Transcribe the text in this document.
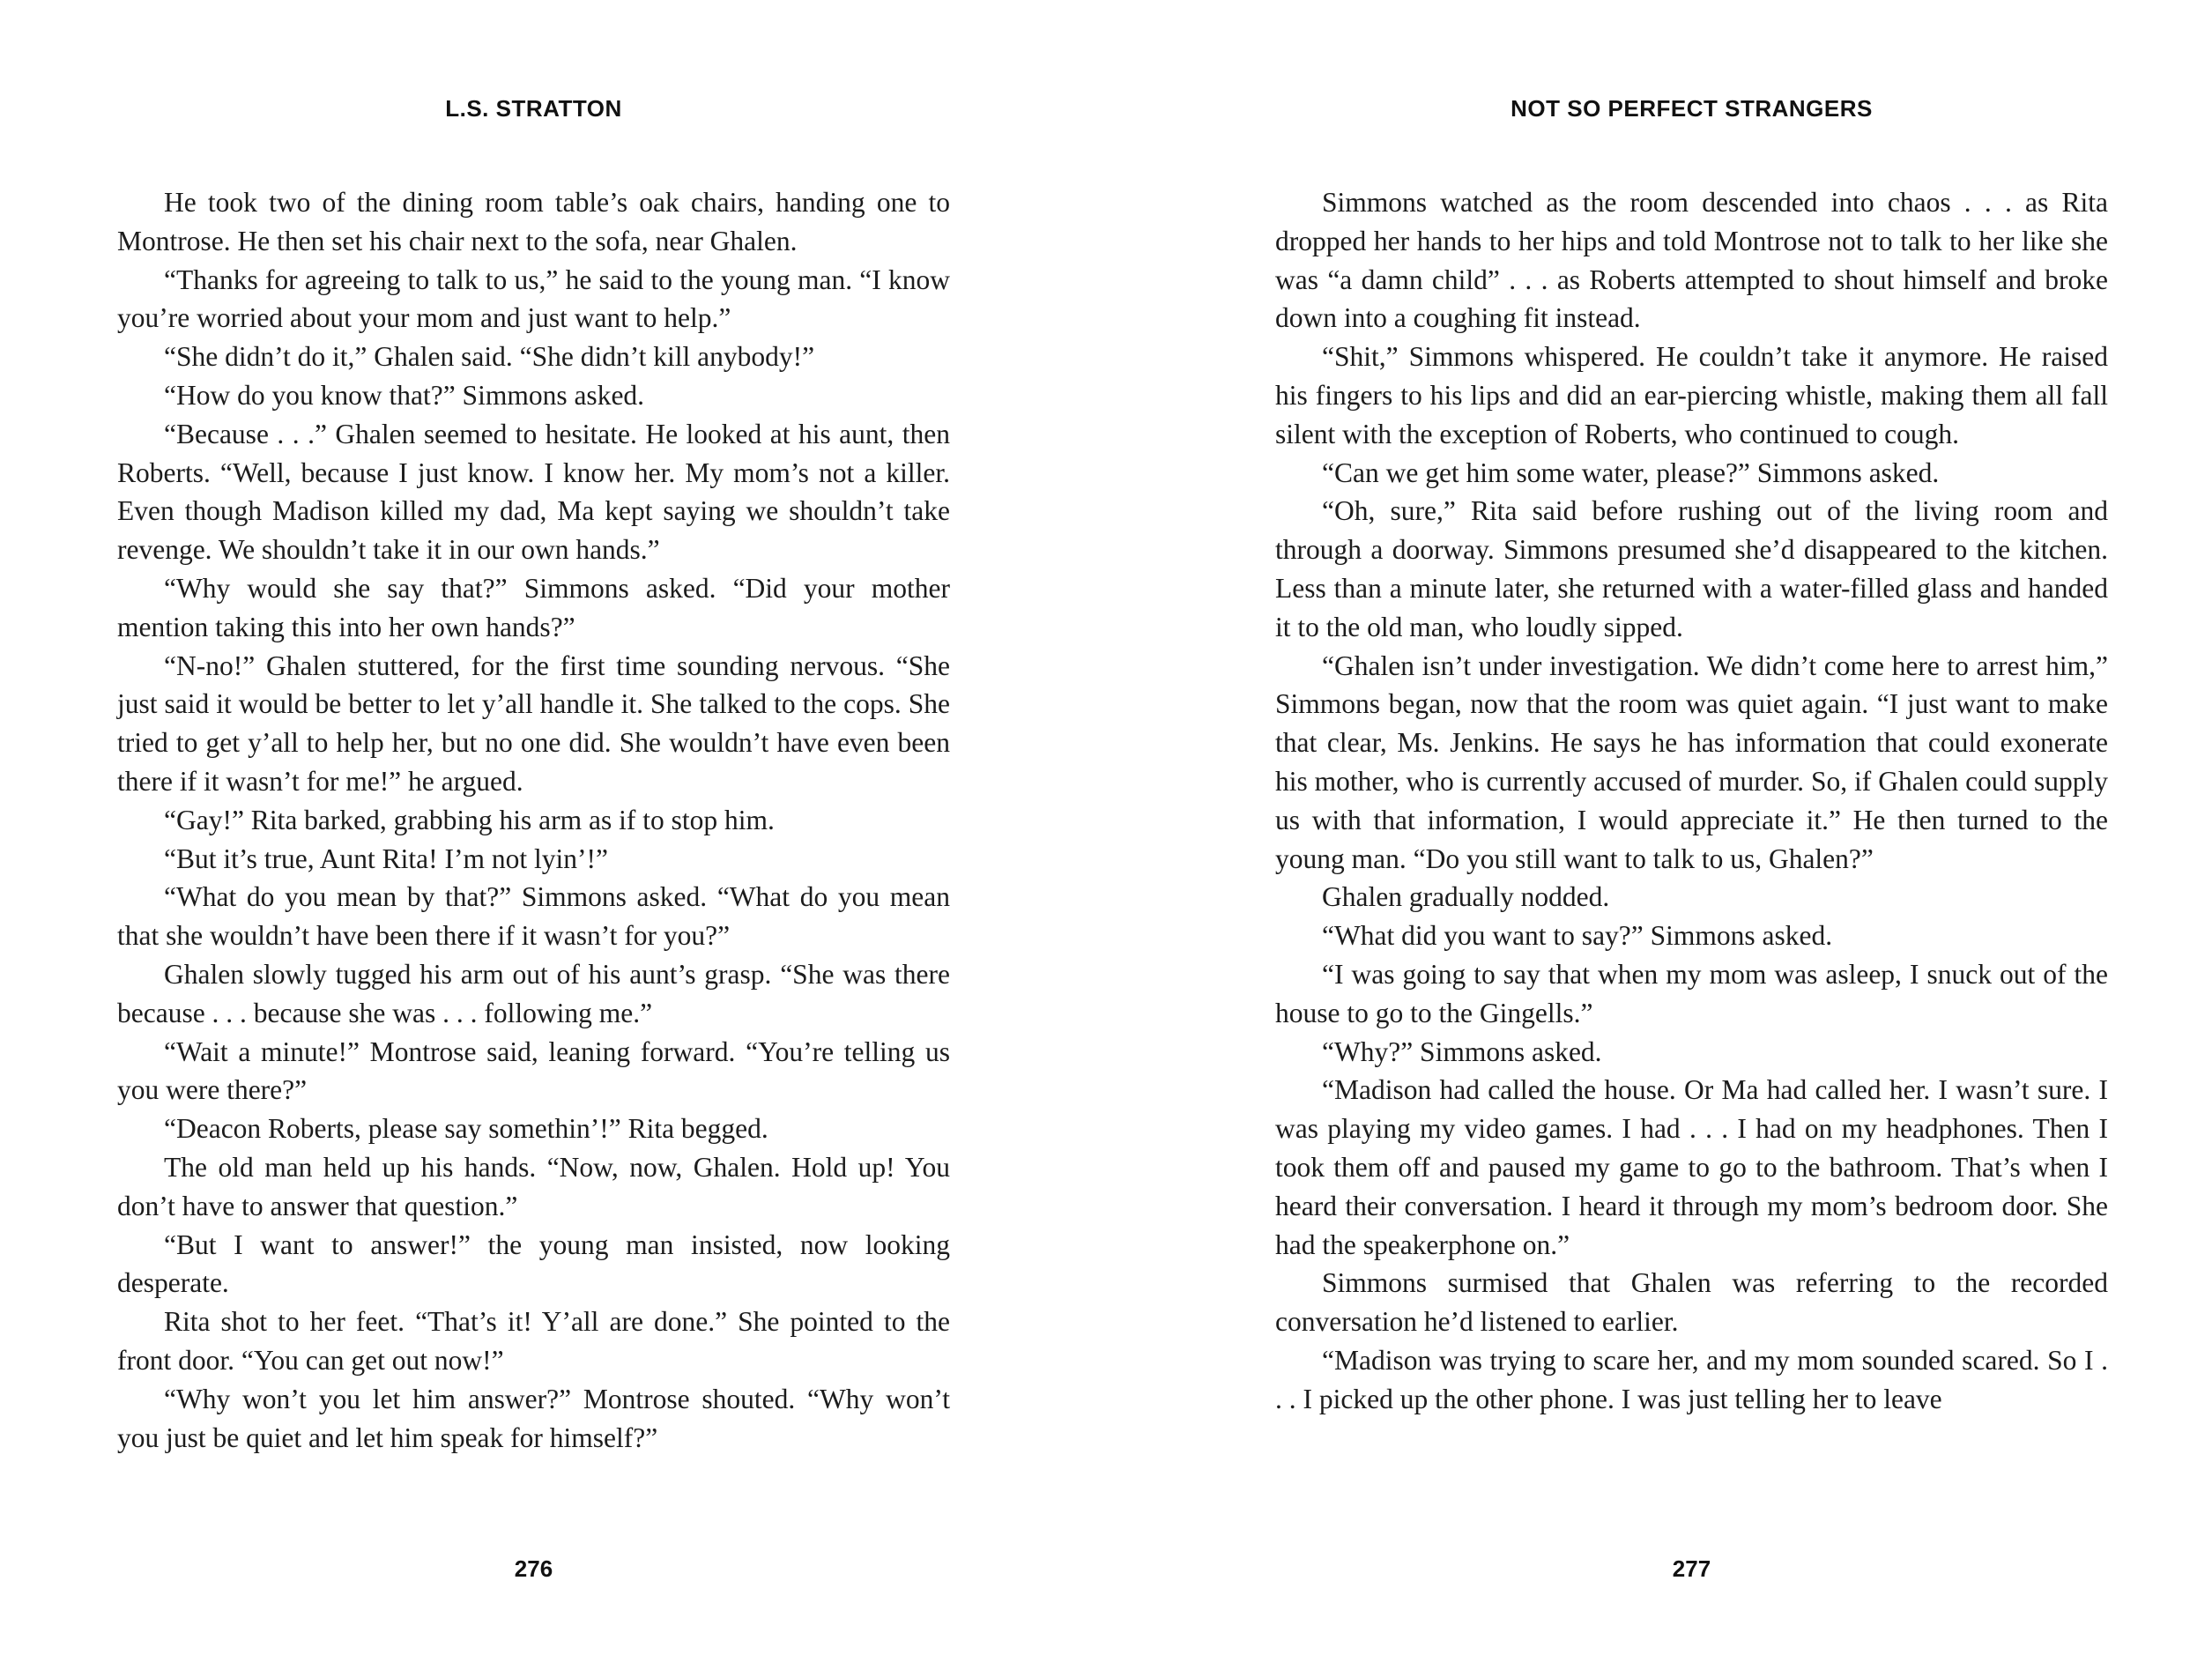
L.S. STRATTON

He took two of the dining room table’s oak chairs, handing one to Montrose. He then set his chair next to the sofa, near Ghalen.

“Thanks for agreeing to talk to us,” he said to the young man. “I know you’re worried about your mom and just want to help.”

“She didn’t do it,” Ghalen said. “She didn’t kill anybody!”

“How do you know that?” Simmons asked.

“Because . . .” Ghalen seemed to hesitate. He looked at his aunt, then Roberts. “Well, because I just know. I know her. My mom’s not a killer. Even though Madison killed my dad, Ma kept saying we shouldn’t take revenge. We shouldn’t take it in our own hands.”

“Why would she say that?” Simmons asked. “Did your mother mention taking this into her own hands?”

“N-no!” Ghalen stuttered, for the first time sounding nervous. “She just said it would be better to let y’all handle it. She talked to the cops. She tried to get y’all to help her, but no one did. She wouldn’t have even been there if it wasn’t for me!” he argued.

“Gay!” Rita barked, grabbing his arm as if to stop him.

“But it’s true, Aunt Rita! I’m not lyin’!”

“What do you mean by that?” Simmons asked. “What do you mean that she wouldn’t have been there if it wasn’t for you?”

Ghalen slowly tugged his arm out of his aunt’s grasp. “She was there because . . . because she was . . . following me.”

“Wait a minute!” Montrose said, leaning forward. “You’re telling us you were there?”

“Deacon Roberts, please say somethin’!” Rita begged.

The old man held up his hands. “Now, now, Ghalen. Hold up! You don’t have to answer that question.”

“But I want to answer!” the young man insisted, now looking desperate.

Rita shot to her feet. “That’s it! Y’all are done.” She pointed to the front door. “You can get out now!”

“Why won’t you let him answer?” Montrose shouted. “Why won’t you just be quiet and let him speak for himself?”

276
NOT SO PERFECT STRANGERS

Simmons watched as the room descended into chaos . . . as Rita dropped her hands to her hips and told Montrose not to talk to her like she was “a damn child” . . . as Roberts attempted to shout himself and broke down into a coughing fit instead.

“Shit,” Simmons whispered. He couldn’t take it anymore. He raised his fingers to his lips and did an ear-piercing whistle, making them all fall silent with the exception of Roberts, who continued to cough.

“Can we get him some water, please?” Simmons asked.

“Oh, sure,” Rita said before rushing out of the living room and through a doorway. Simmons presumed she’d disappeared to the kitchen. Less than a minute later, she returned with a water-filled glass and handed it to the old man, who loudly sipped.

“Ghalen isn’t under investigation. We didn’t come here to arrest him,” Simmons began, now that the room was quiet again. “I just want to make that clear, Ms. Jenkins. He says he has information that could exonerate his mother, who is currently accused of murder. So, if Ghalen could supply us with that information, I would appreciate it.” He then turned to the young man. “Do you still want to talk to us, Ghalen?”

Ghalen gradually nodded.

“What did you want to say?” Simmons asked.

“I was going to say that when my mom was asleep, I snuck out of the house to go to the Gingells.”

“Why?” Simmons asked.

“Madison had called the house. Or Ma had called her. I wasn’t sure. I was playing my video games. I had . . . I had on my headphones. Then I took them off and paused my game to go to the bathroom. That’s when I heard their conversation. I heard it through my mom’s bedroom door. She had the speakerphone on.”

Simmons surmised that Ghalen was referring to the recorded conversation he’d listened to earlier.

“Madison was trying to scare her, and my mom sounded scared. So I . . . I picked up the other phone. I was just telling her to leave

277
